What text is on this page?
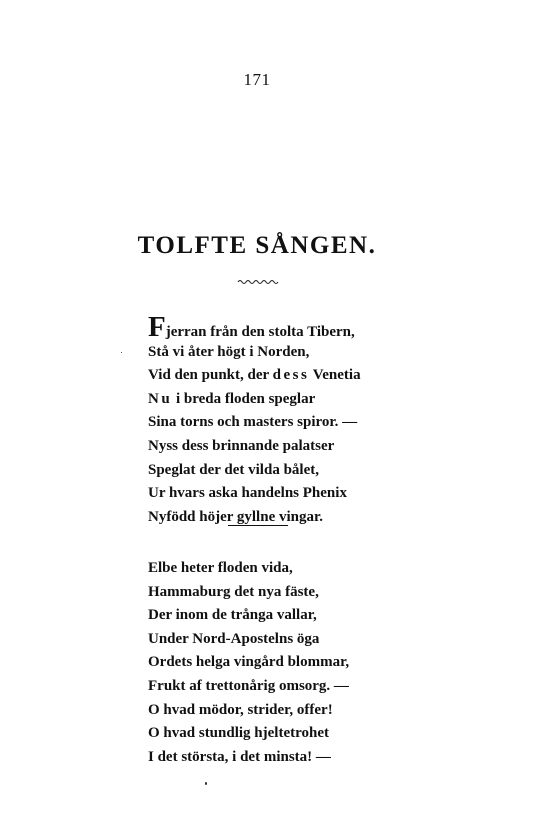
171
TOLFTE SÅNGEN.
Fjerran från den stolta Tibern,
Stå vi åter högt i Norden,
Vid den punkt, der dess Venetia
Nu i breda floden speglar
Sina torns och masters spiror. —
Nyss dess brinnande palatser
Speglat der det vilda bålet,
Ur hvars aska handelns Phenix
Nyfödd höjer gyllne vingar.
Elbe heter floden vida,
Hammaburg det nya fäste,
Der inom de trånga vallar,
Under Nord-Apostelns öga
Ordets helga vingård blommar,
Frukt af trettonårig omsorg. —
O hvad mödor, strider, offer!
O hvad stundlig hjeltetrohet
I det största, i det minsta! —
